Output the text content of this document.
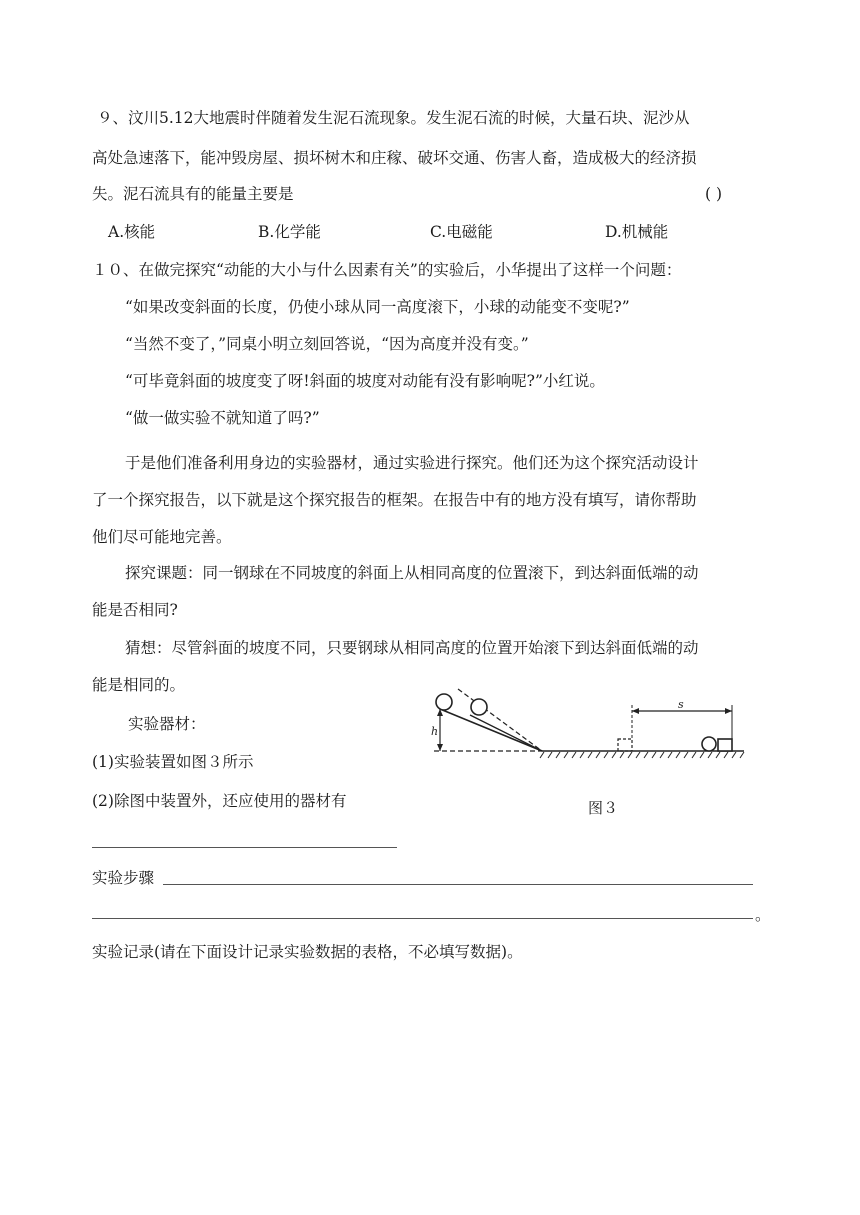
９、汶川5.12大地震时伴随着发生泥石流现象。发生泥石流的时候，大量石块、泥沙从
高处急速落下，能冲毁房屋、损坏树木和庄稼、破坏交通、伤害人畜，造成极大的经济损
失。泥石流具有的能量主要是	( )
A.核能	B.化学能	C.电磁能	D.机械能
１０、在做完探究“动能的大小与什么因素有关”的实验后，小华提出了这样一个问题：
“如果改变斜面的长度，仍使小球从同一高度滚下，小球的动能变不变呢?”
“当然不变了，”同桌小明立刻回答说，“因为高度并没有变。”
“可毕竟斜面的坡度变了呀!斜面的坡度对动能有没有影响呢?”小红说。
“做一做实验不就知道了吗?”
于是他们准备利用身边的实验器材，通过实验进行探究。他们还为这个探究活动设计
了一个探究报告，以下就是这个探究报告的框架。在报告中有的地方没有填写，请你帮助
他们尽可能地完善。
探究课题：同一钢球在不同坡度的斜面上从相同高度的位置滚下，到达斜面低端的动
能是否相同?
猜想：尽管斜面的坡度不同，只要钢球从相同高度的位置开始滚下到达斜面低端的动
能是相同的。
实验器材：
(1)实验装置如图３所示
(2)除图中装置外，还应使用的器材有
实验步骤
。
实验记录(请在下面设计记录实验数据的表格，不必填写数据)。
h
s
图３
